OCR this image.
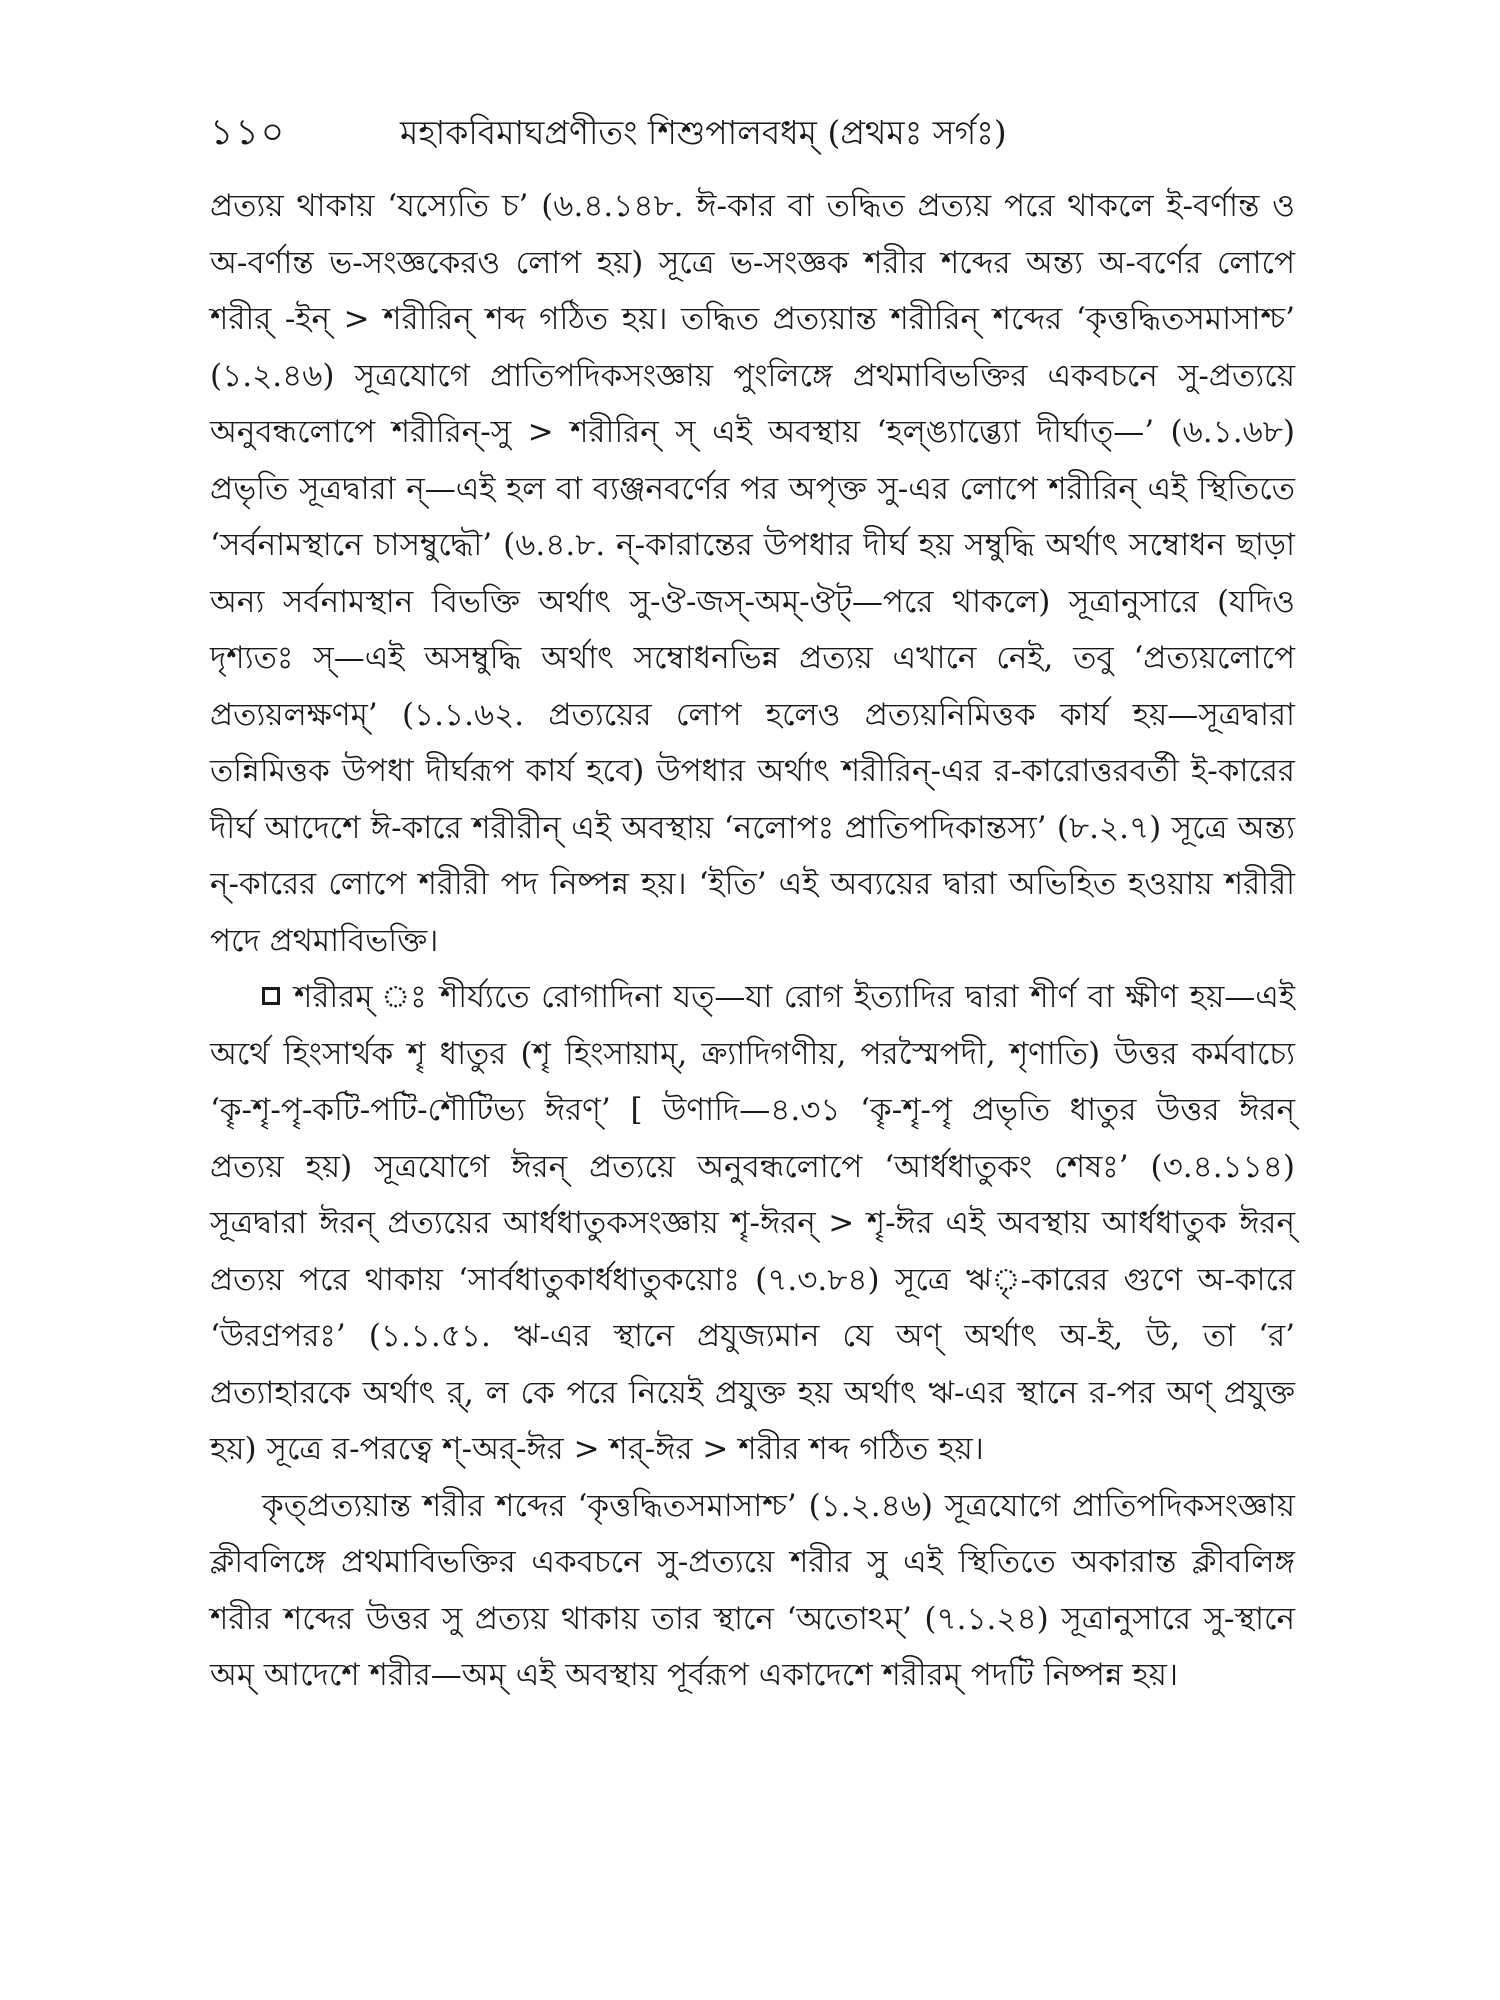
১১০	মহাকবিমাঘপ্রণীতং শিশুপালবধম্ (প্রথমঃ সর্গঃ)

প্রত্যয় থাকায় ‘যস্যেতি চ’ (৬.৪.১৪৮. ঈ-কার বা তদ্ধিত প্রত্যয় পরে থাকলে ই-বর্ণান্ত ও অ-বর্ণান্ত ভ-সংজ্ঞকেরও লোপ হয়) সূত্রে ভ-সংজ্ঞক শরীর শব্দের অন্ত্য অ-বর্ণের লোপে শরীর্ -ইন্ > শরীরিন্ শব্দ গঠিত হয়। তদ্ধিত প্রত্যয়ান্ত শরীরিন্ শব্দের ‘কৃত্তদ্ধিতসমাসাশ্চ’ (১.২.৪৬) সূত্রযোগে প্রাতিপদিকসংজ্ঞায় পুংলিঙ্গে প্রথমাবিভক্তির একবচনে সু-প্রত্যয়ে অনুবন্ধলোপে শরীরিন্-সু > শরীরিন্ স্ এই অবস্থায় ‘হল্ঙ্যাব্ভ্যো দীর্ঘাত্—’ (৬.১.৬৮) প্রভৃতি সূত্রদ্বারা ন্—এই হল বা ব্যঞ্জনবর্ণের পর অপৃক্ত সু-এর লোপে শরীরিন্ এই স্থিতিতে ‘সর্বনামস্থানে চাসম্বুদ্ধৌ’ (৬.৪.৮. ন্-কারান্তের উপধার দীর্ঘ হয় সম্বুদ্ধি অর্থাৎ সম্বোধন ছাড়া অন্য সর্বনামস্থান বিভক্তি অর্থাৎ সু-ঔ-জস্-অম্-ঔট্—পরে থাকলে) সূত্রানুসারে (যদিও দৃশ্যতঃ স্—এই অসম্বুদ্ধি অর্থাৎ সম্বোধনভিন্ন প্রত্যয় এখানে নেই, তবু ‘প্রত্যয়লোপে প্রত্যয়লক্ষণম্’ (১.১.৬২. প্রত্যয়ের লোপ হলেও প্রত্যয়নিমিত্তক কার্য হয়—সূত্রদ্বারা তন্নিমিত্তক উপধা দীর্ঘরূপ কার্য হবে) উপধার অর্থাৎ শরীরিন্-এর র-কারোত্তরবর্তী ই-কারের দীর্ঘ আদেশে ঈ-কারে শরীরীন্ এই অবস্থায় ‘নলোপঃ প্রাতিপদিকান্তস্য’ (৮.২.৭) সূত্রে অন্ত্য ন্-কারের লোপে শরীরী পদ নিষ্পন্ন হয়। ‘ইতি’ এই অব্যয়ের দ্বারা অভিহিত হওয়ায় শরীরী পদে প্রথমাবিভক্তি।

শরীরম্ ঃ শীর্য্যতে রোগাদিনা যত্—যা রোগ ইত্যাদির দ্বারা শীর্ণ বা ক্ষীণ হয়—এই অর্থে হিংসার্থক শৄ ধাতুর (শৄ হিংসায়াম্, ক্র্যাদিগণীয়, পরস্মৈপদী, শৃণাতি) উত্তর কর্মবাচ্যে ‘কৄ-শৄ-পৄ-কটি-পটি-শৌটিভ্য ঈরণ্’ [ উণাদি—৪.৩১ ‘কৄ-শৄ-পৄ প্রভৃতি ধাতুর উত্তর ঈরন্ প্রত্যয় হয়) সূত্রযোগে ঈরন্ প্রত্যয়ে অনুবন্ধলোপে ‘আর্ধধাতুকং শেষঃ’ (৩.৪.১১৪) সূত্রদ্বারা ঈরন্ প্রত্যয়ের আর্ধধাতুকসংজ্ঞায় শৄ-ঈরন্ > শৄ-ঈর এই অবস্থায় আর্ধধাতুক ঈরন্ প্রত্যয় পরে থাকায় ‘সার্বধাতুকার্ধধাতুকয়োঃ (৭.৩.৮৪) সূত্রে ঋৃ-কারের গুণে অ-কারে ‘উরণ্রপরঃ’ (১.১.৫১. ঋ-এর স্থানে প্রযুজ্যমান যে অণ্ অর্থাৎ অ-ই, উ, তা ‘র’ প্রত্যাহারকে অর্থাৎ র্, ল কে পরে নিয়েই প্রযুক্ত হয় অর্থাৎ ঋ-এর স্থানে র-পর অণ্ প্রযুক্ত হয়) সূত্রে র-পরত্বে শ্-অর্-ঈর > শর্-ঈর > শরীর শব্দ গঠিত হয়।

কৃত্প্রত্যয়ান্ত শরীর শব্দের ‘কৃত্তদ্ধিতসমাসাশ্চ’ (১.২.৪৬) সূত্রযোগে প্রাতিপদিকসংজ্ঞায় ক্লীবলিঙ্গে প্রথমাবিভক্তির একবচনে সু-প্রত্যয়ে শরীর সু এই স্থিতিতে অকারান্ত ক্লীবলিঙ্গ শরীর শব্দের উত্তর সু প্রত্যয় থাকায় তার স্থানে ‘অতোঽম্’ (৭.১.২৪) সূত্রানুসারে সু-স্থানে অম্ আদেশে শরীর—অম্ এই অবস্থায় পূর্বরূপ একাদেশে শরীরম্ পদটি নিষ্পন্ন হয়।
